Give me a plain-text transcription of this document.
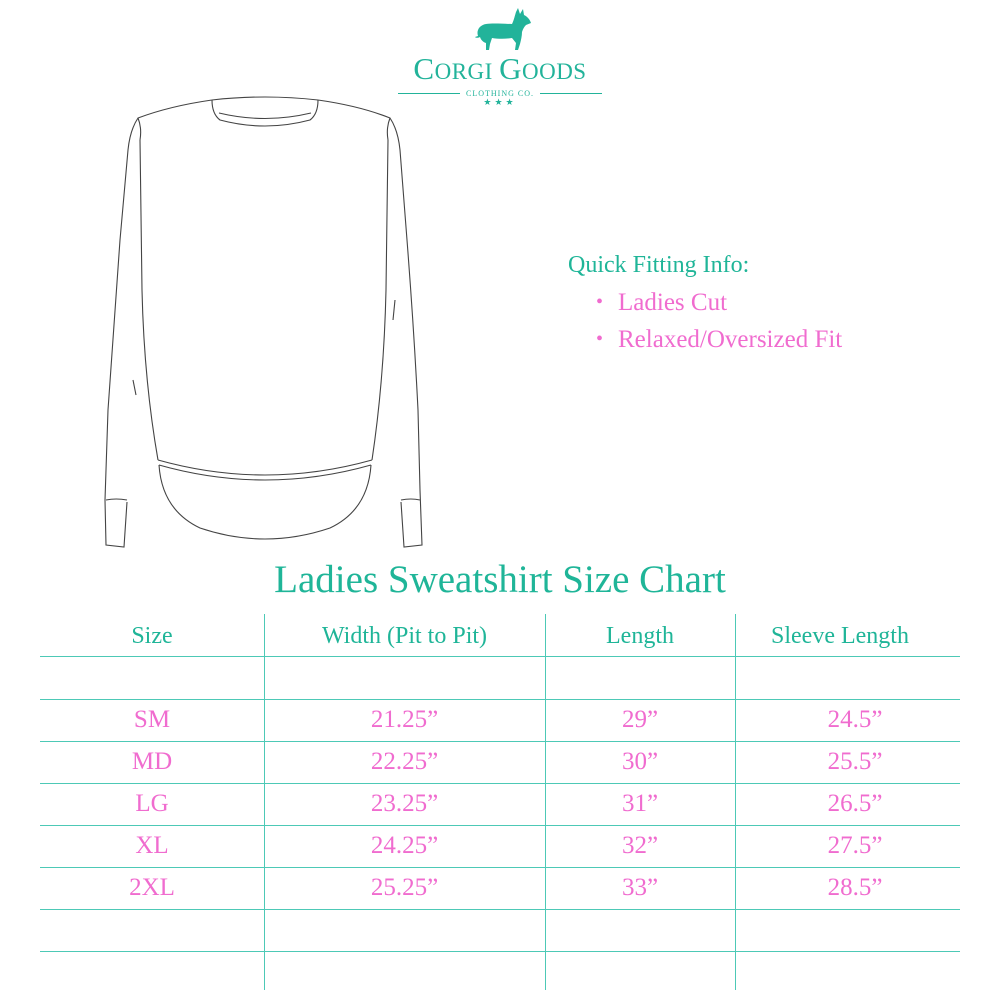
CORGI GOODS
CLOTHING CO.
★★★
Quick Fitting Info:
• Ladies Cut
• Relaxed/Oversized Fit
Ladies Sweatshirt Size Chart
Size	Width (Pit to Pit)	Length	Sleeve Length
SM	21.25”	29”	24.5”
MD	22.25”	30”	25.5”
LG	23.25”	31”	26.5”
XL	24.25”	32”	27.5”
2XL	25.25”	33”	28.5”
